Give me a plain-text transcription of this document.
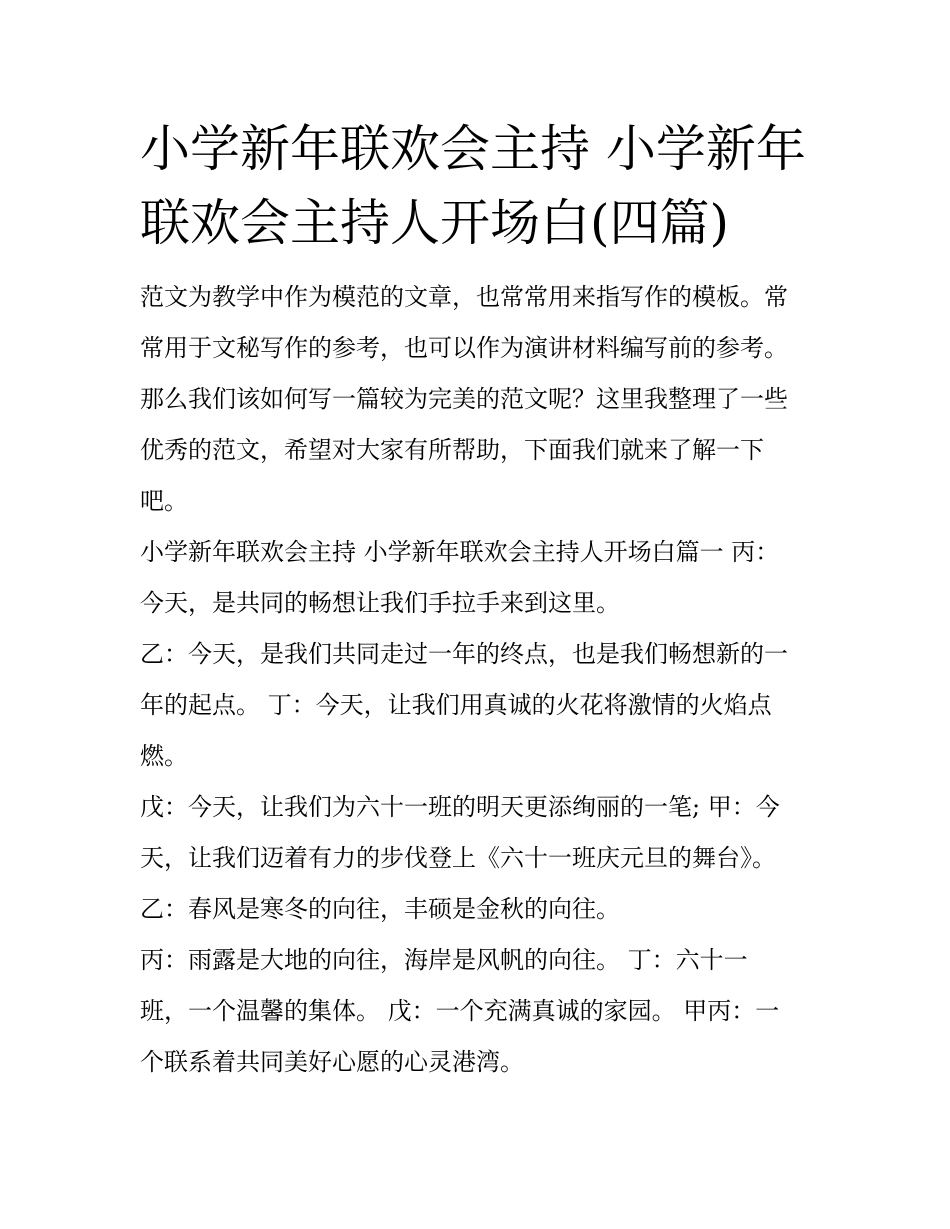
小学新年联欢会主持 小学新年
联欢会主持人开场白(四篇)

范文为教学中作为模范的文章，也常常用来指写作的模板。常
常用于文秘写作的参考，也可以作为演讲材料编写前的参考。
那么我们该如何写一篇较为完美的范文呢？这里我整理了一些
优秀的范文，希望对大家有所帮助，下面我们就来了解一下
吧。

小学新年联欢会主持 小学新年联欢会主持人开场白篇一 丙：
今天，是共同的畅想让我们手拉手来到这里。

乙：今天，是我们共同走过一年的终点，也是我们畅想新的一
年的起点。 丁：今天，让我们用真诚的火花将激情的火焰点
燃。

戊：今天，让我们为六十一班的明天更添绚丽的一笔; 甲：今
天，让我们迈着有力的步伐登上《六十一班庆元旦的舞台》。

乙：春风是寒冬的向往，丰硕是金秋的向往。

丙：雨露是大地的向往，海岸是风帆的向往。 丁：六十一
班，一个温馨的集体。 戊：一个充满真诚的家园。 甲丙：一
个联系着共同美好心愿的心灵港湾。
